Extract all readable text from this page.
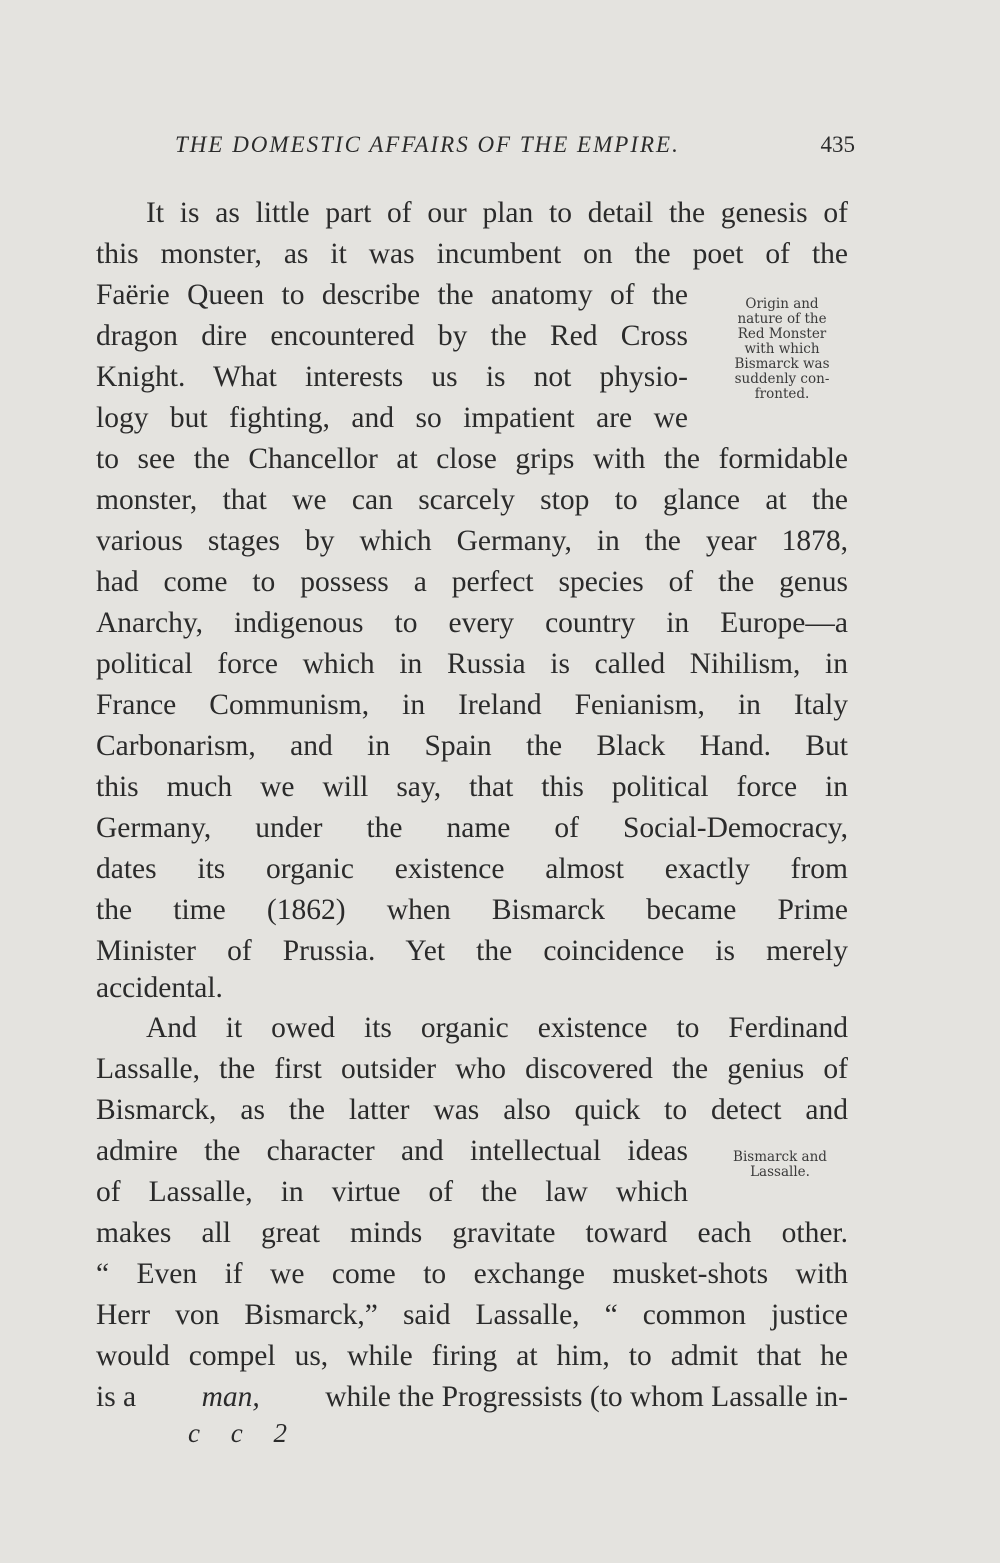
THE DOMESTIC AFFAIRS OF THE EMPIRE.	435
It is as little part of our plan to detail the genesis of
this monster, as it was incumbent on the poet of the
Faërie Queen to describe the anatomy of the
dragon dire encountered by the Red Cross
Knight. What interests us is not physio-
logy but fighting, and so impatient are we
to see the Chancellor at close grips with the formidable
monster, that we can scarcely stop to glance at the
various stages by which Germany, in the year 1878,
had come to possess a perfect species of the genus
Anarchy, indigenous to every country in Europe—a
political force which in Russia is called Nihilism, in
France Communism, in Ireland Fenianism, in Italy
Carbonarism, and in Spain the Black Hand. But
this much we will say, that this political force in
Germany, under the name of Social-Democracy,
dates its organic existence almost exactly from
the time (1862) when Bismarck became Prime
Minister of Prussia. Yet the coincidence is merely
accidental.
And it owed its organic existence to Ferdinand
Lassalle, the first outsider who discovered the genius of
Bismarck, as the latter was also quick to detect and
admire the character and intellectual ideas
of Lassalle, in virtue of the law which
makes all great minds gravitate toward each other.
“ Even if we come to exchange musket-shots with
Herr von Bismarck,” said Lassalle, “ common justice
would compel us, while firing at him, to admit that he
is a man, while the Progressists (to whom Lassalle in-
Origin and
nature of the
Red Monster
with which
Bismarck was
suddenly con-
fronted.
Bismarck and
Lassalle.
c c 2
